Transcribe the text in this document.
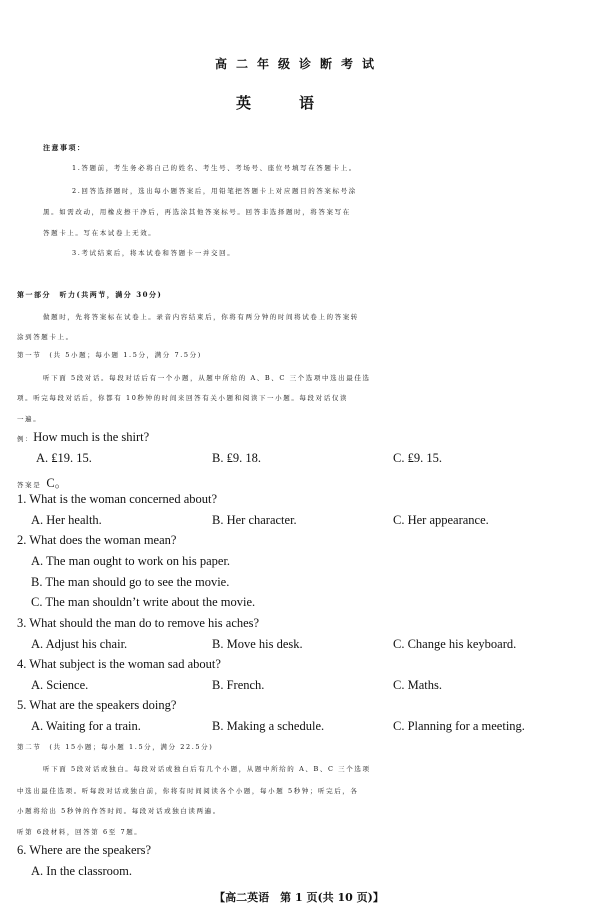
高二年级诊断考试
英语
注意事项：
1.答题前，考生务必将自己的姓名、考生号、考场号、座位号填写在答题卡上。
2.回答选择题时，选出每小题答案后，用铅笔把答题卡上对应题目的答案标号涂
黑。如需改动，用橡皮擦干净后，再选涂其他答案标号。回答非选择题时，将答案写在
答题卡上。写在本试卷上无效。
3.考试结束后，将本试卷和答题卡一并交回。
第一部分　听力(共两节，满分 30分)
做题时，先将答案标在试卷上。录音内容结束后，你将有两分钟的时间将试卷上的答案转
涂到答题卡上。
第一节　(共 5小题；每小题 1.5分，满分 7.5分)
听下面 5段对话。每段对话后有一个小题，从题中所给的 A、B、C 三个选项中选出最佳选
项。听完每段对话后，你都有 10秒钟的时间来回答有关小题和阅读下一小题。每段对话仅读
一遍。
例：How much is the shirt?
A. ₤19. 15.	B. ₤9. 18.	C. ₤9. 15.
答案是 C。
1. What is the woman concerned about?
A. Her health.	B. Her character.	C. Her appearance.
2. What does the woman mean?
A. The man ought to work on his paper.
B. The man should go to see the movie.
C. The man shouldn’t write about the movie.
3. What should the man do to remove his aches?
A. Adjust his chair.	B. Move his desk.	C. Change his keyboard.
4. What subject is the woman sad about?
A. Science.	B. French.	C. Maths.
5. What are the speakers doing?
A. Waiting for a train.	B. Making a schedule.	C. Planning for a meeting.
第二节　(共 15小题；每小题 1.5分，满分 22.5分)
听下面 5段对话或独白。每段对话或独白后有几个小题，从题中所给的 A、B、C 三个选项
中选出最佳选项。听每段对话或独白前，你将有时间阅读各个小题，每小题 5秒钟；听完后，各
小题将给出 5秒钟的作答时间。每段对话或独白读两遍。
听第 6段材料，回答第 6至 7题。
6. Where are the speakers?
A. In the classroom.
【高二英语　第 1 页(共 10 页)】
